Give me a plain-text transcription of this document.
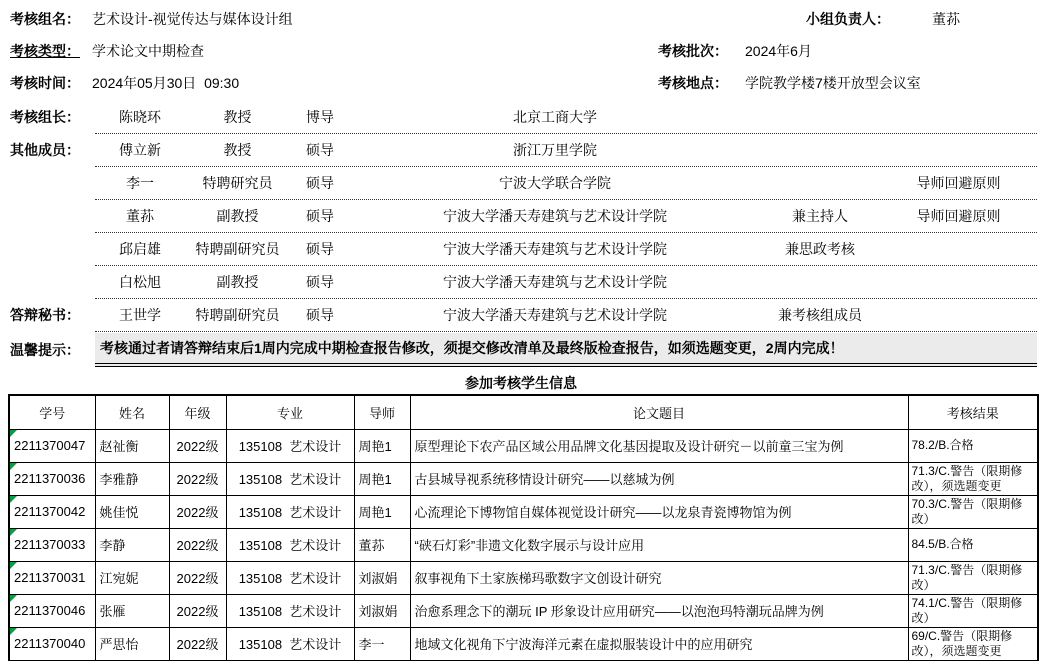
考核组名： 艺术设计-视觉传达与媒体设计组	小组负责人：	董荪
考核类型： 学术论文中期检查	考核批次： 2024年6月
考核时间： 2024年05月30日  09:30	考核地点： 学院教学楼7楼开放型会议室
考核组长：	陈晓环	教授	博导	北京工商大学
其他成员：	傅立新	教授	硕导	浙江万里学院
李一	特聘研究员	硕导	宁波大学联合学院	导师回避原则
董荪	副教授	硕导	宁波大学潘天寿建筑与艺术设计学院	兼主持人	导师回避原则
邱启雄	特聘副研究员	硕导	宁波大学潘天寿建筑与艺术设计学院	兼思政考核
白松旭	副教授	硕导	宁波大学潘天寿建筑与艺术设计学院
答辩秘书：	王世学	特聘副研究员	硕导	宁波大学潘天寿建筑与艺术设计学院	兼考核组成员
温馨提示：	考核通过者请答辩结束后1周内完成中期检查报告修改，须提交修改清单及最终版检查报告，如须选题变更，2周内完成！
参加考核学生信息
学号	姓名	年级	专业	导师	论文题目	考核结果

2211370047	赵祉衡	2022级	135108  艺术设计	周艳1	原型理论下农产品区域公用品牌文化基因提取及设计研究－以前童三宝为例	78.2/B.合格

2211370036	李雅静	2022级	135108  艺术设计	周艳1	古县城导视系统移情设计研究——以慈城为例	71.3/C.警告（限期修改），须选题变更

2211370042	姚佳悦	2022级	135108  艺术设计	周艳1	心流理论下博物馆自媒体视觉设计研究——以龙泉青瓷博物馆为例	70.3/C.警告（限期修改）

2211370033	李静	2022级	135108  艺术设计	董荪	“硖石灯彩”非遗文化数字展示与设计应用	84.5/B.合格

2211370031	江宛妮	2022级	135108  艺术设计	刘淑娟	叙事视角下土家族梯玛歌数字文创设计研究	71.3/C.警告（限期修改）

2211370046	张雁	2022级	135108  艺术设计	刘淑娟	治愈系理念下的潮玩 IP 形象设计应用研究——以泡泡玛特潮玩品牌为例	74.1/C.警告（限期修改）

2211370040	严思怡	2022级	135108  艺术设计	李一	地域文化视角下宁波海洋元素在虚拟服装设计中的应用研究	69/C.警告（限期修改），须选题变更
